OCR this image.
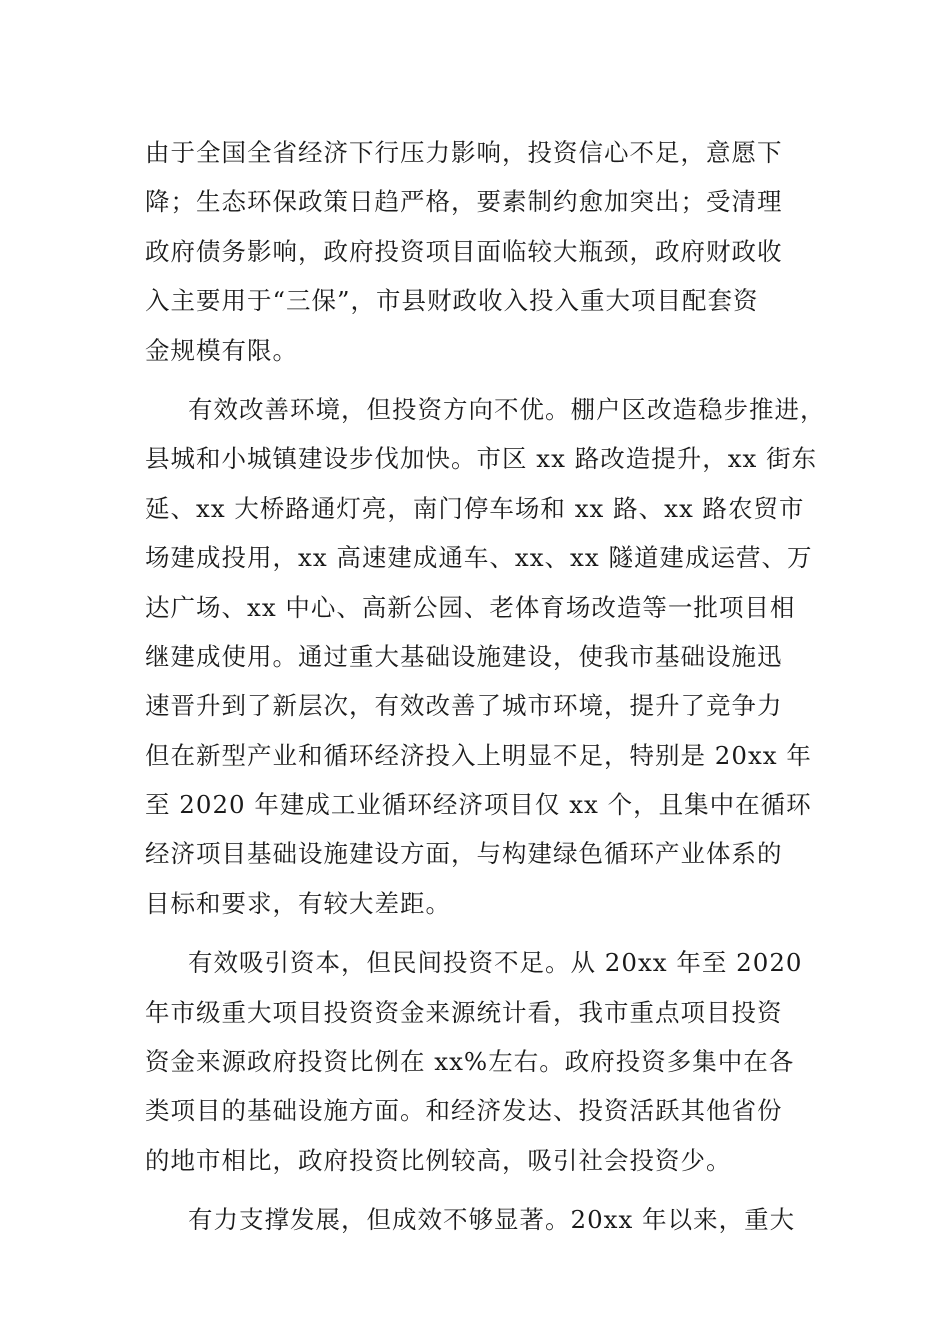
由于全国全省经济下行压力影响，投资信心不足，意愿下
降；生态环保政策日趋严格，要素制约愈加突出；受清理
政府债务影响，政府投资项目面临较大瓶颈，政府财政收
入主要用于“三保”，市县财政收入投入重大项目配套资
金规模有限。
有效改善环境，但投资方向不优。棚户区改造稳步推进，
县城和小城镇建设步伐加快。市区 xx 路改造提升，xx 街东
延、xx 大桥路通灯亮，南门停车场和 xx 路、xx 路农贸市
场建成投用，xx 高速建成通车、xx、xx 隧道建成运营、万
达广场、xx 中心、高新公园、老体育场改造等一批项目相
继建成使用。通过重大基础设施建设，使我市基础设施迅
速晋升到了新层次，有效改善了城市环境，提升了竞争力
但在新型产业和循环经济投入上明显不足，特别是 20xx 年
至 2020 年建成工业循环经济项目仅 xx 个，且集中在循环
经济项目基础设施建设方面，与构建绿色循环产业体系的
目标和要求，有较大差距。
有效吸引资本，但民间投资不足。从 20xx 年至 2020
年市级重大项目投资资金来源统计看，我市重点项目投资
资金来源政府投资比例在 xx%左右。政府投资多集中在各
类项目的基础设施方面。和经济发达、投资活跃其他省份
的地市相比，政府投资比例较高，吸引社会投资少。
有力支撑发展，但成效不够显著。20xx 年以来，重大
